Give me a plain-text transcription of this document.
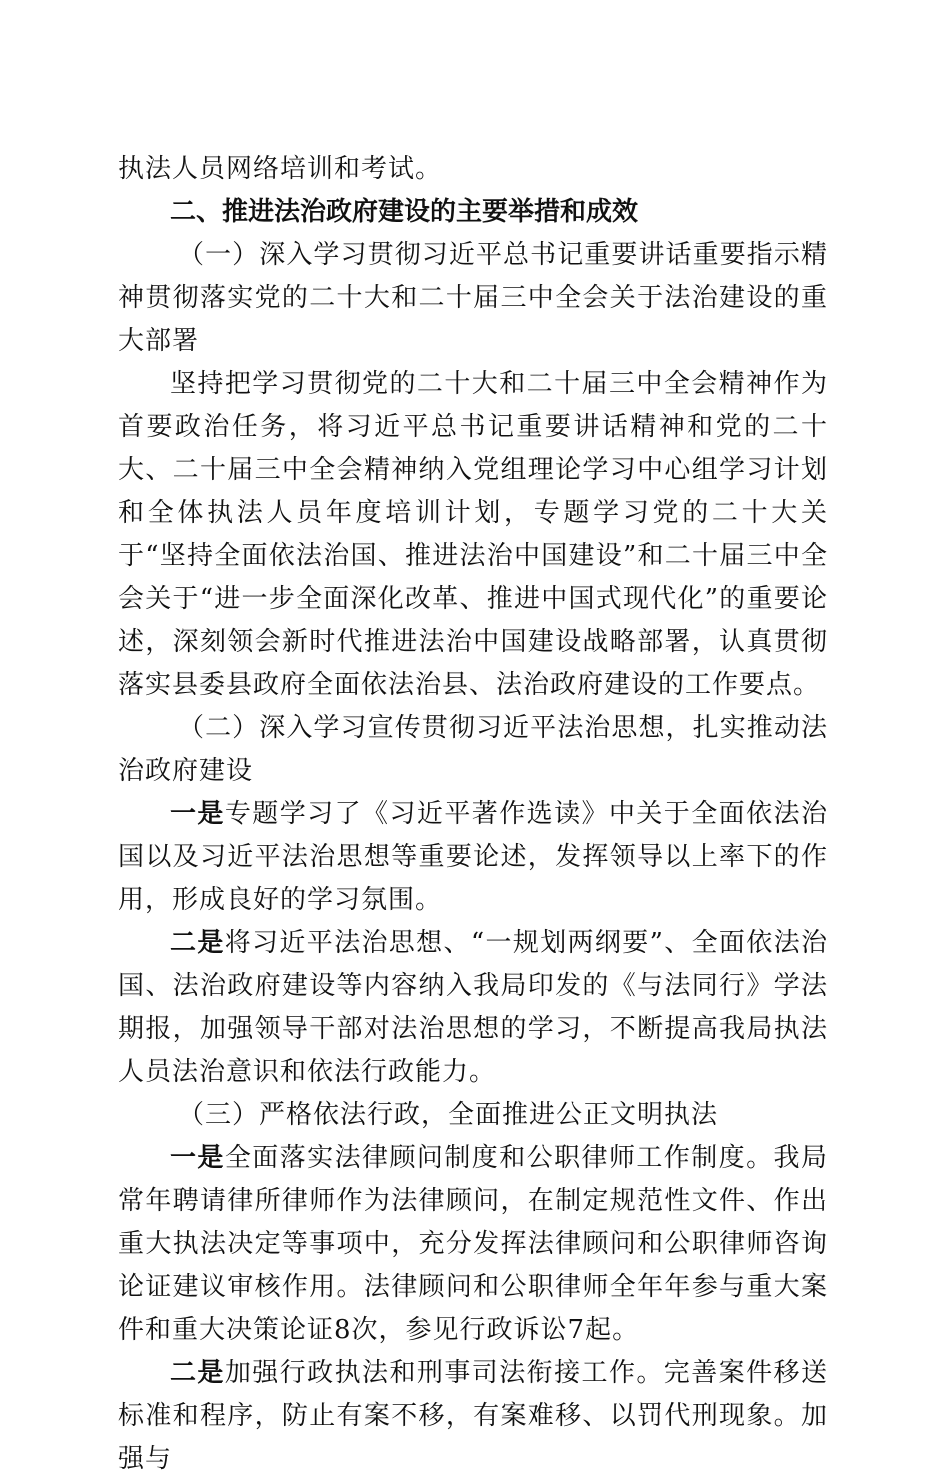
执法人员网络培训和考试。

二、推进法治政府建设的主要举措和成效

（一）深入学习贯彻习近平总书记重要讲话重要指示精神贯彻落实党的二十大和二十届三中全会关于法治建设的重大部署

坚持把学习贯彻党的二十大和二十届三中全会精神作为首要政治任务，将习近平总书记重要讲话精神和党的二十大、二十届三中全会精神纳入党组理论学习中心组学习计划和全体执法人员年度培训计划，专题学习党的二十大关于“坚持全面依法治国、推进法治中国建设”和二十届三中全会关于“进一步全面深化改革、推进中国式现代化”的重要论述，深刻领会新时代推进法治中国建设战略部署，认真贯彻落实县委县政府全面依法治县、法治政府建设的工作要点。

（二）深入学习宣传贯彻习近平法治思想，扎实推动法治政府建设

一是专题学习了《习近平著作选读》中关于全面依法治国以及习近平法治思想等重要论述，发挥领导以上率下的作用，形成良好的学习氛围。

二是将习近平法治思想、“一规划两纲要”、全面依法治国、法治政府建设等内容纳入我局印发的《与法同行》学法期报，加强领导干部对法治思想的学习，不断提高我局执法人员法治意识和依法行政能力。

（三）严格依法行政，全面推进公正文明执法

一是全面落实法律顾问制度和公职律师工作制度。我局常年聘请律所律师作为法律顾问，在制定规范性文件、作出重大执法决定等事项中，充分发挥法律顾问和公职律师咨询论证建议审核作用。法律顾问和公职律师全年年参与重大案件和重大决策论证8次，参见行政诉讼7起。

二是加强行政执法和刑事司法衔接工作。完善案件移送标准和程序，防止有案不移，有案难移、以罚代刑现象。加强与
